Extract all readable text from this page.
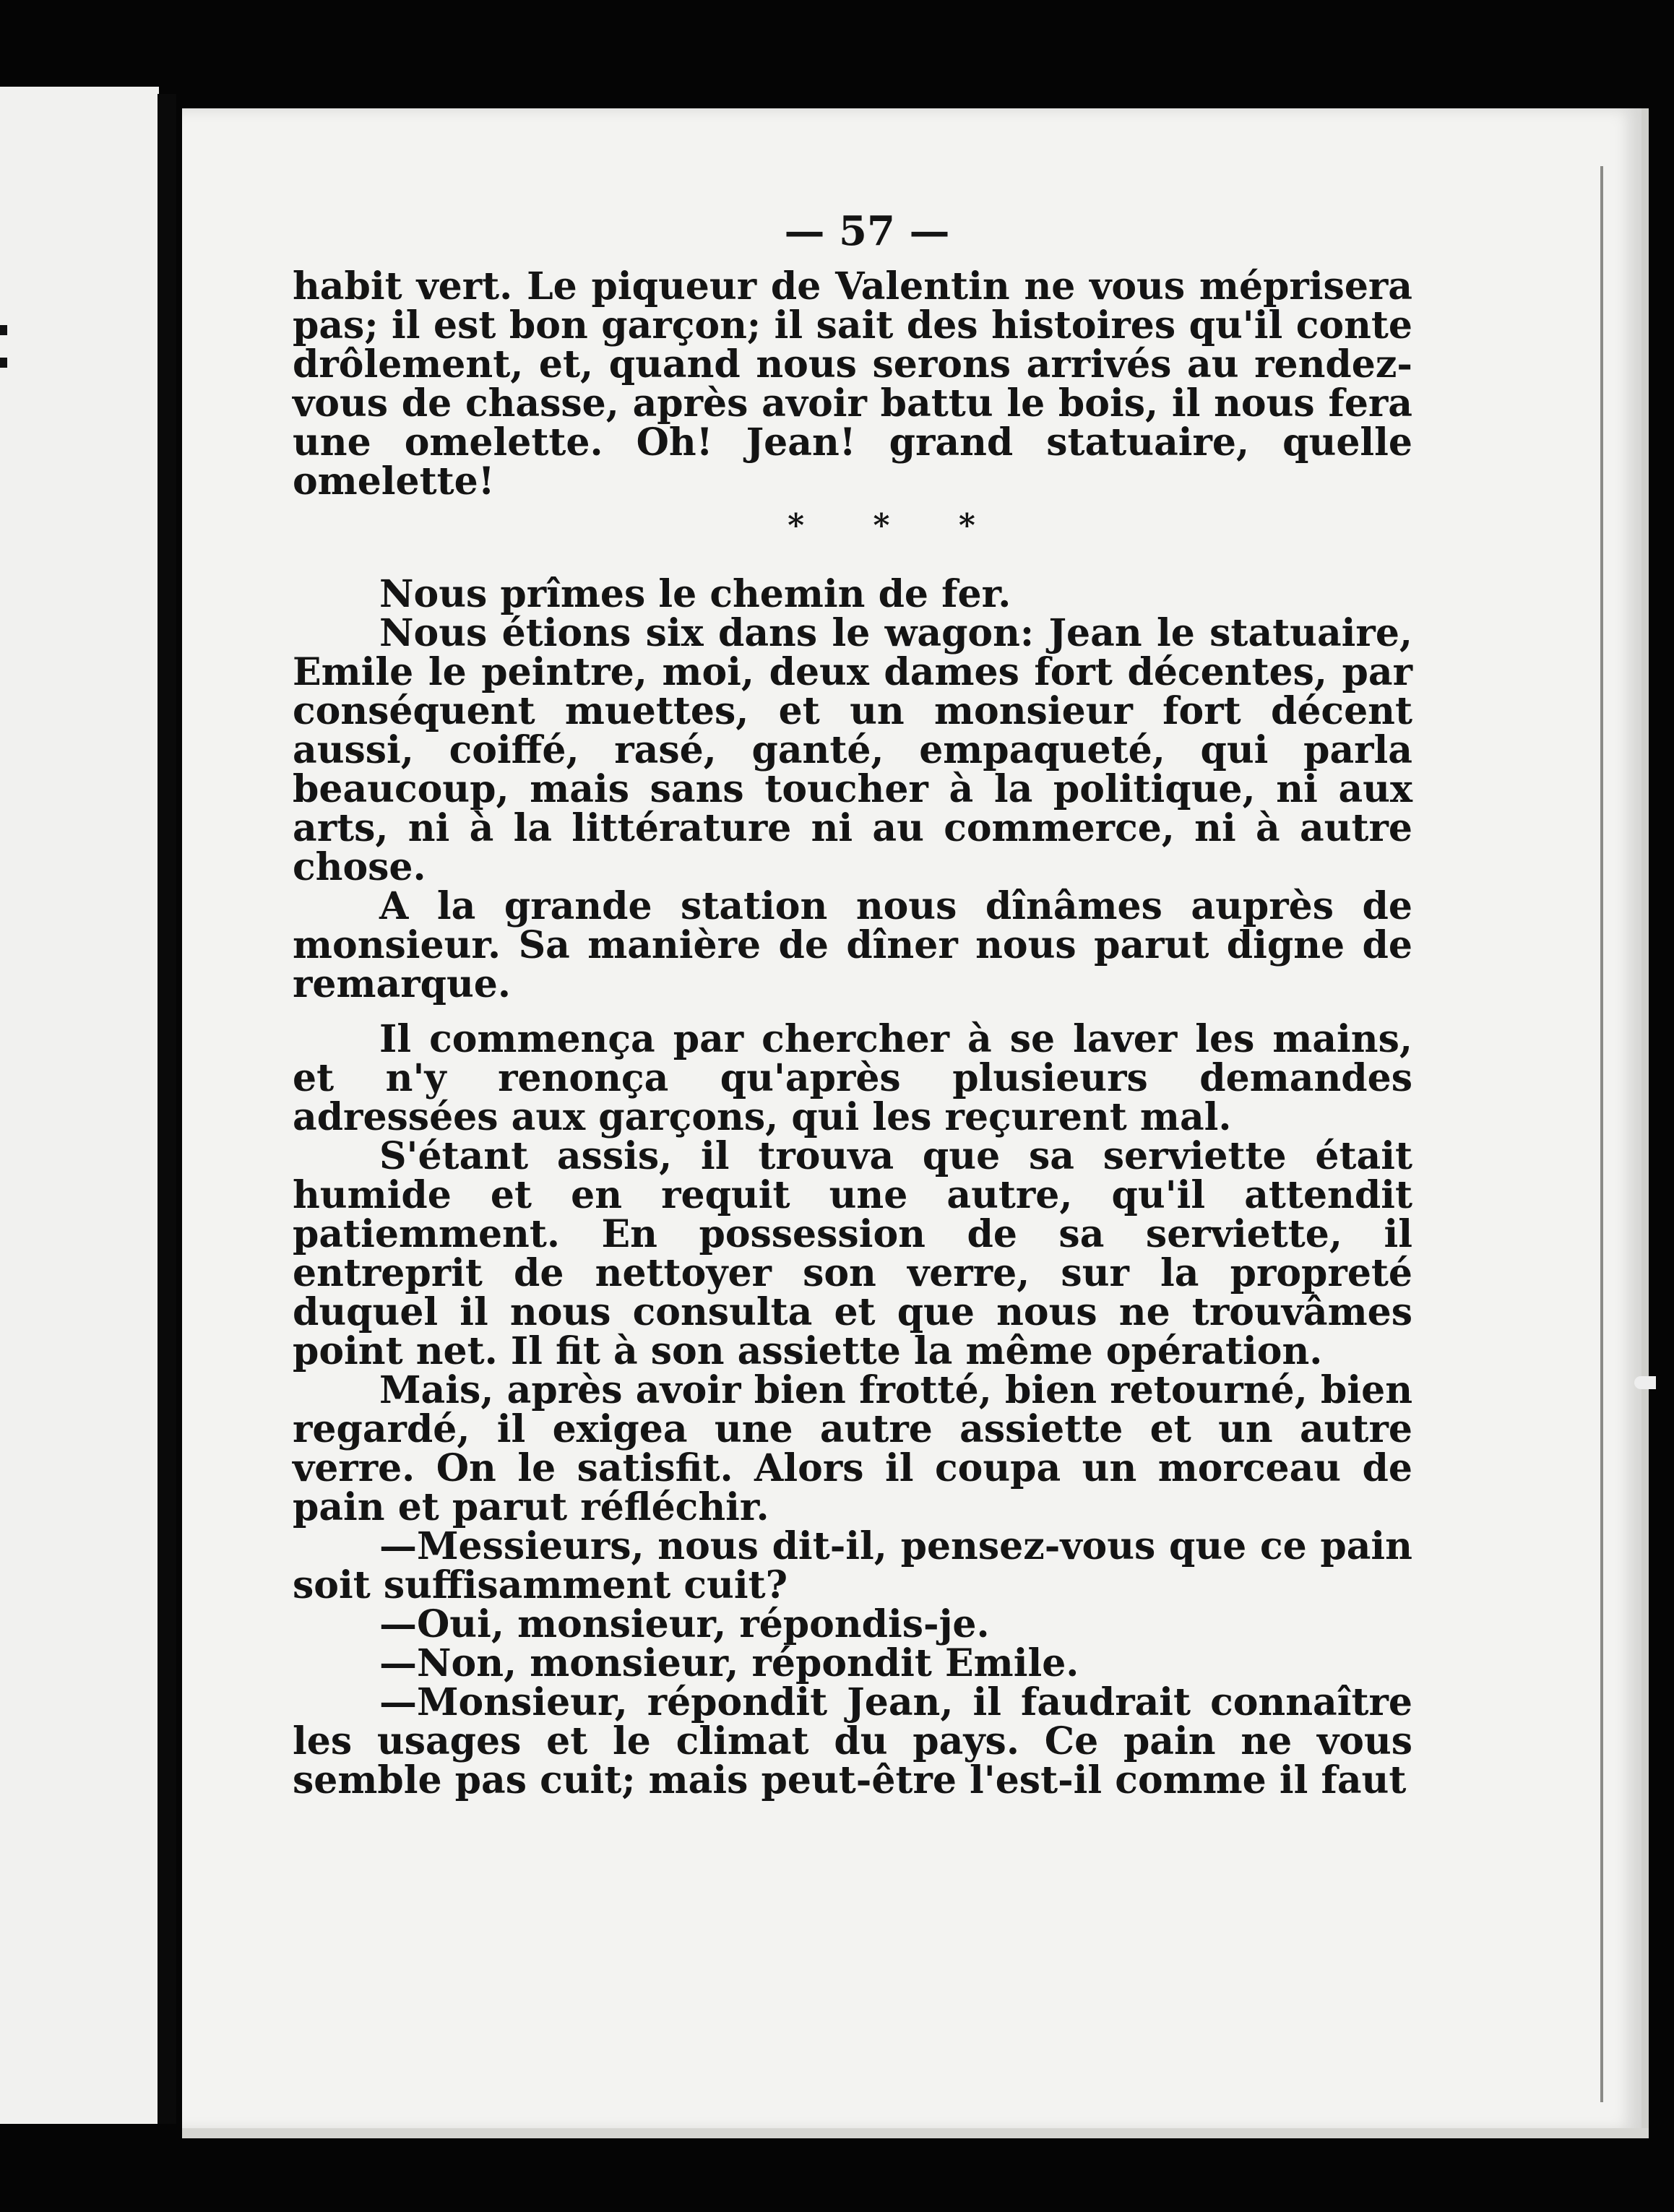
— 57 —

habit vert. Le piqueur de Valentin ne vous méprisera pas; il est bon garçon; il sait des histoires qu'il conte drôlement, et, quand nous serons arrivés au rendez-vous de chasse, après avoir battu le bois, il nous fera une omelette. Oh! Jean! grand statuaire, quelle omelette!

* * *

Nous prîmes le chemin de fer.

Nous étions six dans le wagon: Jean le statuaire, Emile le peintre, moi, deux dames fort décentes, par conséquent muettes, et un monsieur fort décent aussi, coiffé, rasé, ganté, empaqueté, qui parla beaucoup, mais sans toucher à la politique, ni aux arts, ni à la littérature ni au commerce, ni à autre chose.

A la grande station nous dînâmes auprès de monsieur. Sa manière de dîner nous parut digne de remarque.

Il commença par chercher à se laver les mains, et n'y renonça qu'après plusieurs demandes adressées aux garçons, qui les reçurent mal.

S'étant assis, il trouva que sa serviette était humide et en requit une autre, qu'il attendit patiemment. En possession de sa serviette, il entreprit de nettoyer son verre, sur la propreté duquel il nous consulta et que nous ne trouvâmes point net. Il fit à son assiette la même opération.

Mais, après avoir bien frotté, bien retourné, bien regardé, il exigea une autre assiette et un autre verre. On le satisfit. Alors il coupa un morceau de pain et parut réfléchir.

—Messieurs, nous dit-il, pensez-vous que ce pain soit suffisamment cuit?

—Oui, monsieur, répondis-je.

—Non, monsieur, répondit Emile.

—Monsieur, répondit Jean, il faudrait connaître les usages et le climat du pays. Ce pain ne vous semble pas cuit; mais peut-être l'est-il comme il faut
